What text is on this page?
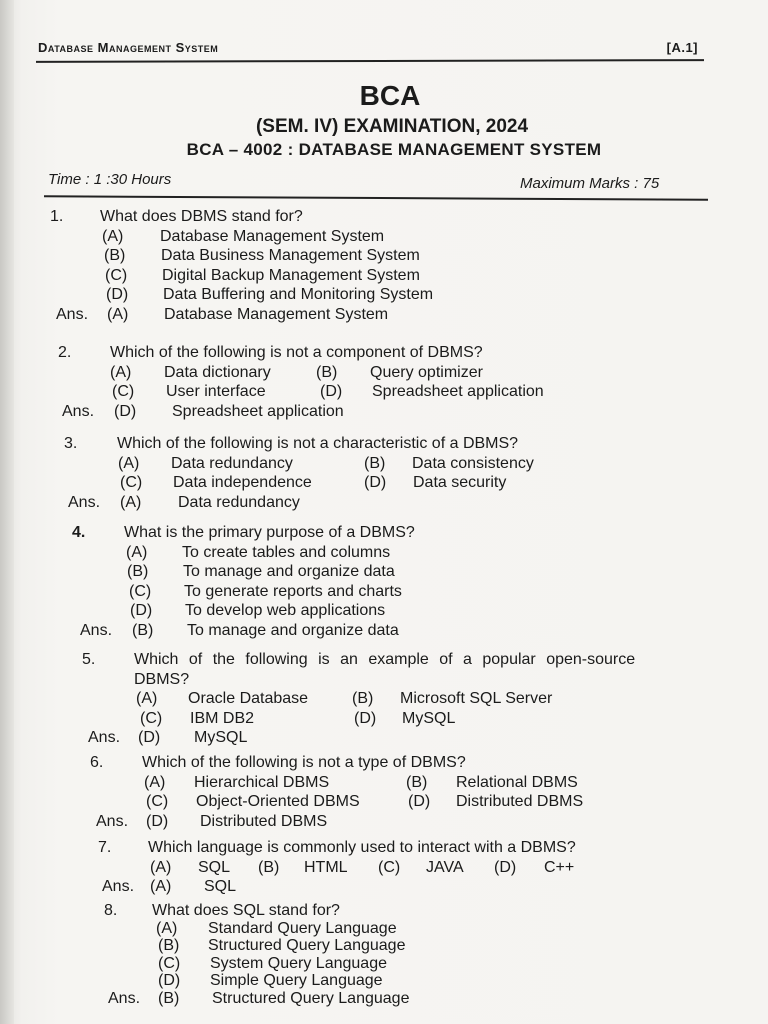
Database Management System	[A.1]
BCA
(SEM. IV) EXAMINATION, 2024
BCA – 4002 : DATABASE MANAGEMENT SYSTEM
Time : 1 :30 Hours	Maximum Marks : 75
1. What does DBMS stand for?
(A) Database Management System
(B) Data Business Management System
(C) Digital Backup Management System
(D) Data Buffering and Monitoring System
Ans. (A) Database Management System
2. Which of the following is not a component of DBMS?
(A) Data dictionary	(B) Query optimizer
(C) User interface	(D) Spreadsheet application
Ans. (D) Spreadsheet application
3. Which of the following is not a characteristic of a DBMS?
(A) Data redundancy	(B) Data consistency
(C) Data independence	(D) Data security
Ans. (A) Data redundancy
4. What is the primary purpose of a DBMS?
(A) To create tables and columns
(B) To manage and organize data
(C) To generate reports and charts
(D) To develop web applications
Ans. (B) To manage and organize data
5. Which of the following is an example of a popular open-source
DBMS?
(A) Oracle Database	(B) Microsoft SQL Server
(C) IBM DB2	(D) MySQL
Ans. (D) MySQL
6. Which of the following is not a type of DBMS?
(A) Hierarchical DBMS	(B) Relational DBMS
(C) Object-Oriented DBMS	(D) Distributed DBMS
Ans. (D) Distributed DBMS
7. Which language is commonly used to interact with a DBMS?
(A) SQL (B) HTML (C) JAVA (D) C++
Ans. (A) SQL
8. What does SQL stand for?
(A) Standard Query Language
(B) Structured Query Language
(C) System Query Language
(D) Simple Query Language
Ans. (B) Structured Query Language
